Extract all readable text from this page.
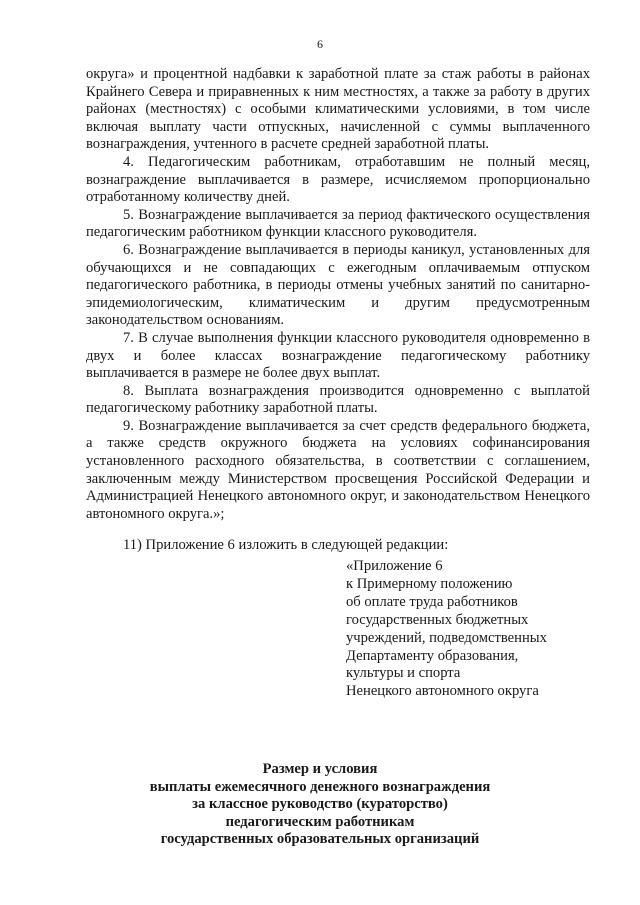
6

округа» и процентной надбавки к заработной плате за стаж работы в районах Крайнего Севера и приравненных к ним местностях, а также за работу в других районах (местностях) с особыми климатическими условиями, в том числе включая выплату части отпускных, начисленной с суммы выплаченного вознаграждения, учтенного в расчете средней заработной платы.

4. Педагогическим работникам, отработавшим не полный месяц, вознаграждение выплачивается в размере, исчисляемом пропорционально отработанному количеству дней.

5. Вознаграждение выплачивается за период фактического осуществления педагогическим работником функции классного руководителя.

6. Вознаграждение выплачивается в периоды каникул, установленных для обучающихся и не совпадающих с ежегодным оплачиваемым отпуском педагогического работника, в периоды отмены учебных занятий по санитарно-эпидемиологическим, климатическим и другим предусмотренным законодательством основаниям.

7. В случае выполнения функции классного руководителя одновременно в двух и более классах вознаграждение педагогическому работнику выплачивается в размере не более двух выплат.

8. Выплата вознаграждения производится одновременно с выплатой педагогическому работнику заработной платы.

9. Вознаграждение выплачивается за счет средств федерального бюджета, а также средств окружного бюджета на условиях софинансирования установленного расходного обязательства, в соответствии с соглашением, заключенным между Министерством просвещения Российской Федерации и Администрацией Ненецкого автономного округ, и законодательством Ненецкого автономного округа.»;

11) Приложение 6 изложить в следующей редакции:
«Приложение 6
к Примерному положению
об оплате труда работников
государственных бюджетных
учреждений, подведомственных
Департаменту образования,
культуры и спорта
Ненецкого автономного округа
Размер и условия
выплаты ежемесячного денежного вознаграждения
за классное руководство (кураторство)
педагогическим работникам
государственных образовательных организаций
